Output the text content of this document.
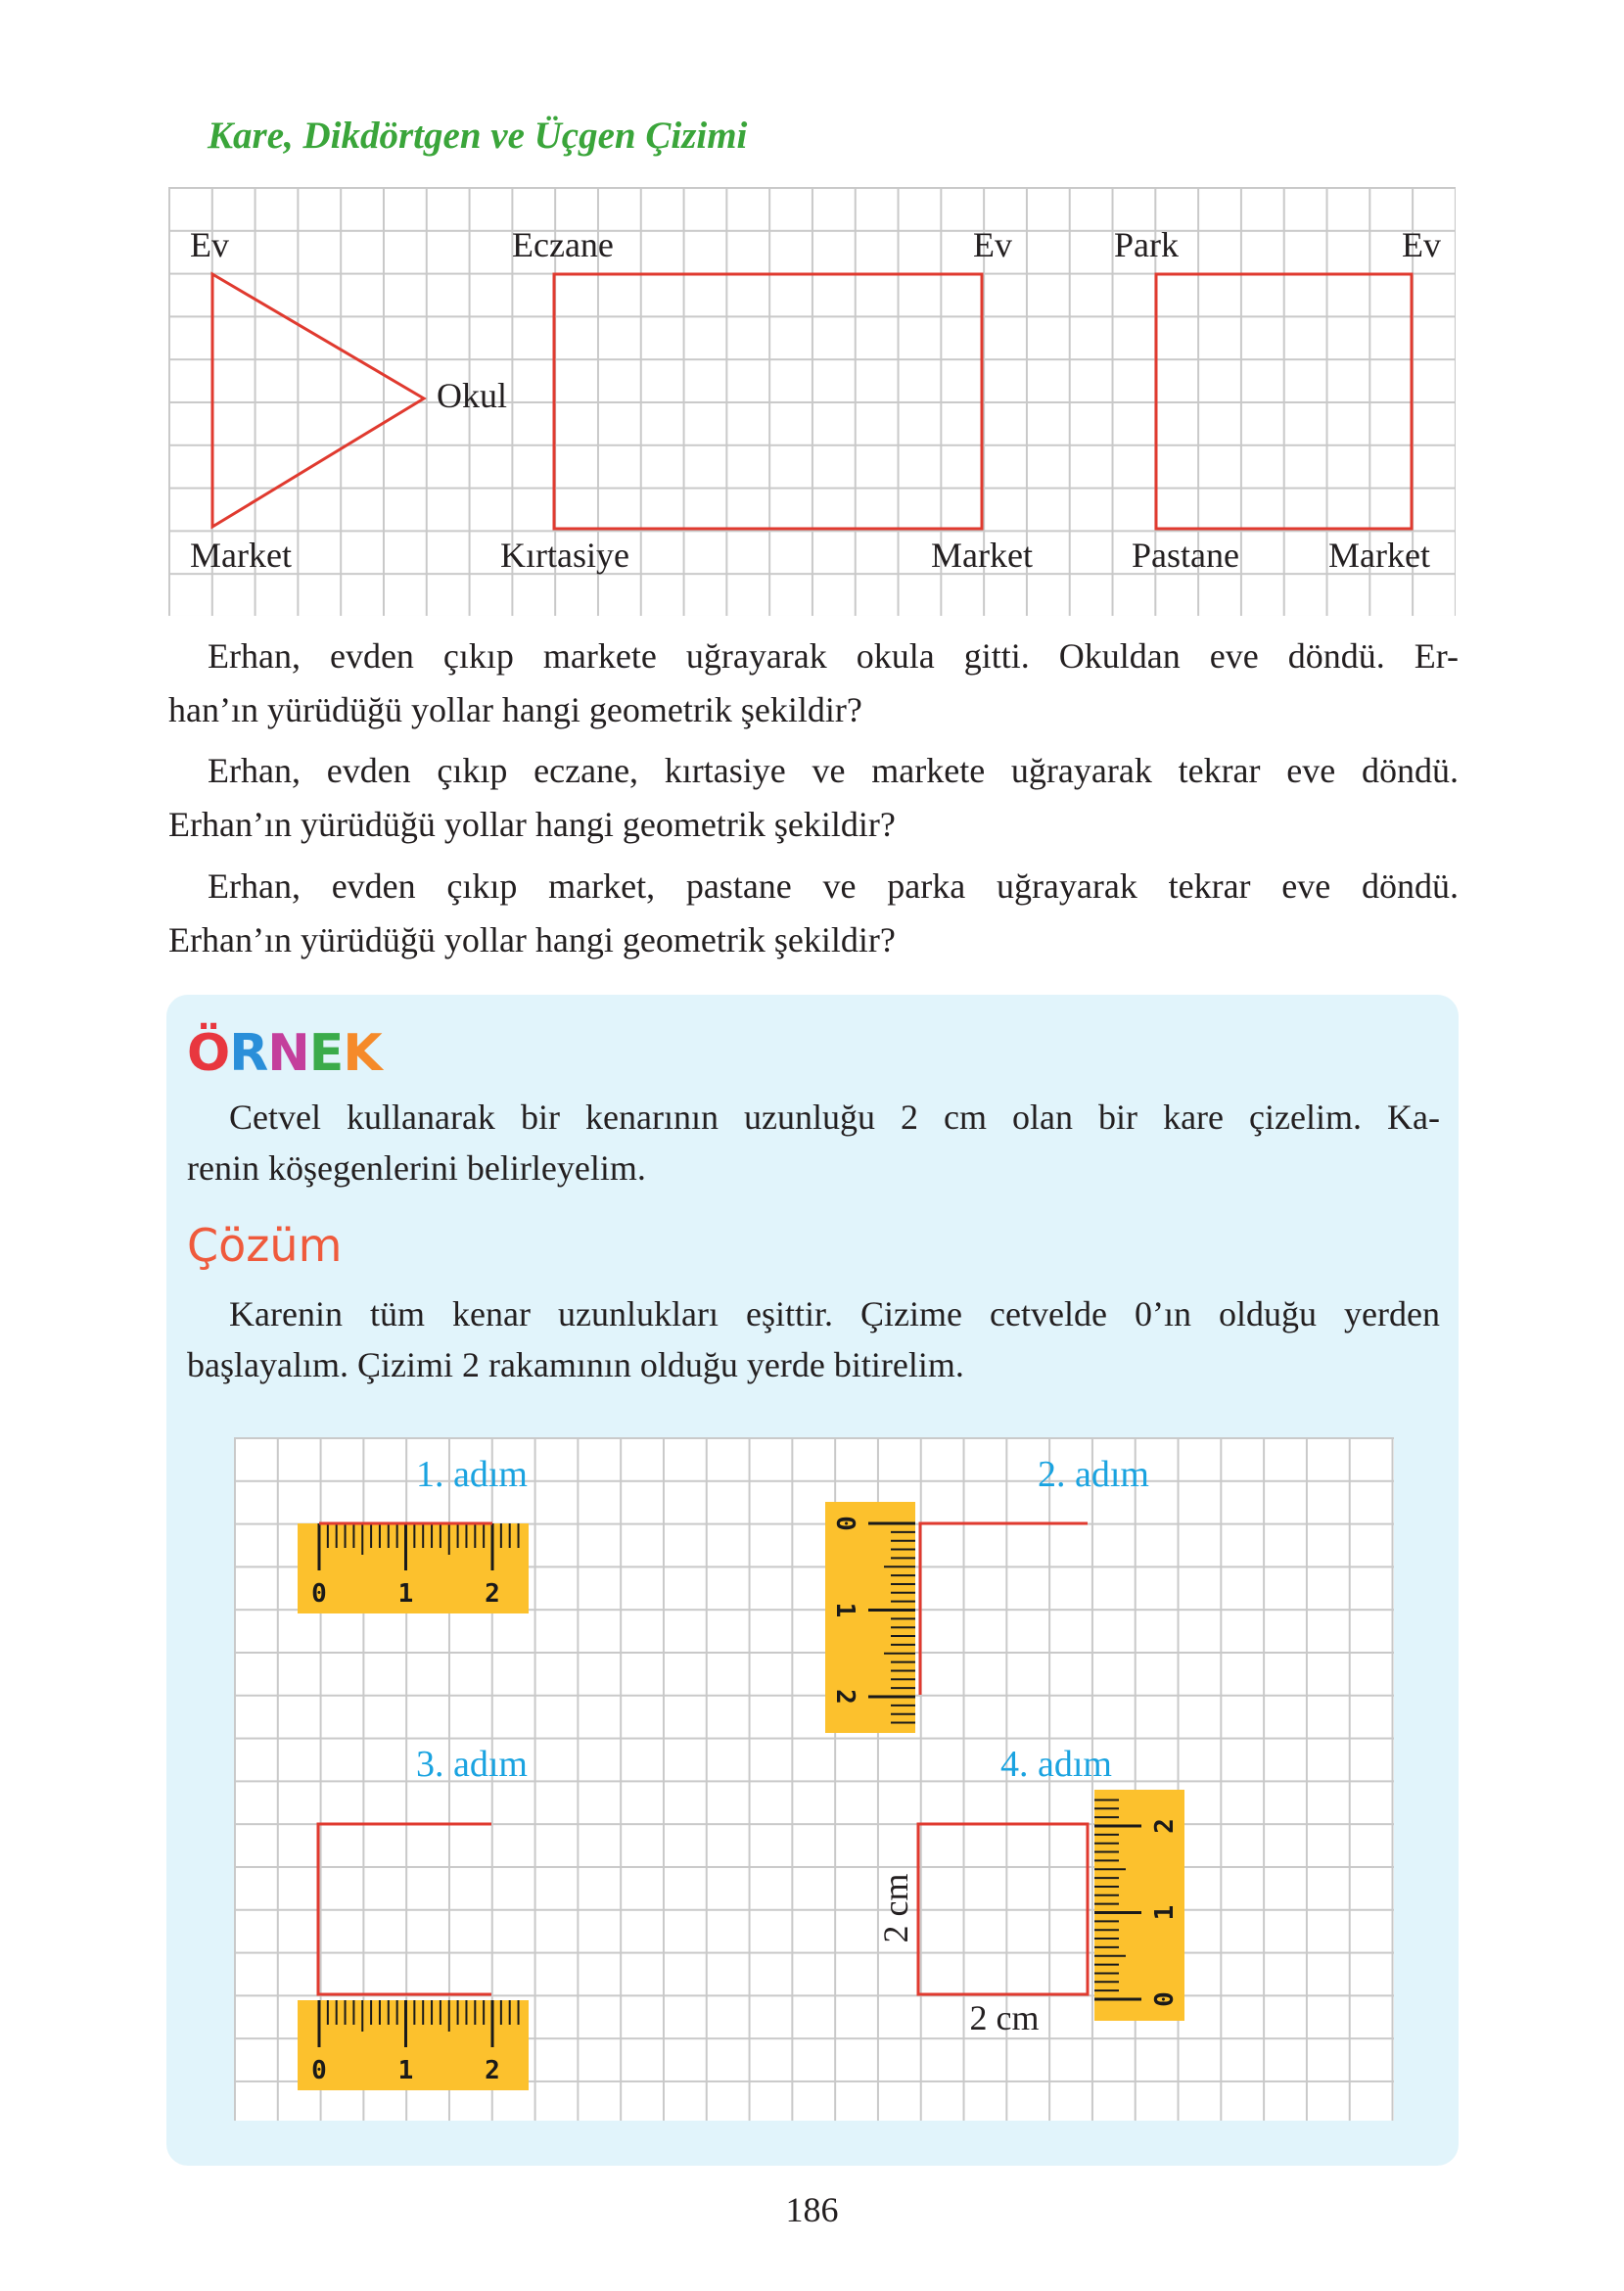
Kare, Dikdörtgen ve Üçgen Çizimi
Ev
Okul
Market
Eczane	Ev
Kırtasiye	Market
Park	Ev
Pastane	Market
Erhan, evden çıkıp markete uğrayarak okula gitti. Okuldan eve döndü. Er-
han’ın yürüdüğü yollar hangi geometrik şekildir?
Erhan, evden çıkıp eczane, kırtasiye ve markete uğrayarak tekrar eve döndü.
Erhan’ın yürüdüğü yollar hangi geometrik şekildir?
Erhan, evden çıkıp market, pastane ve parka uğrayarak tekrar eve döndü.
Erhan’ın yürüdüğü yollar hangi geometrik şekildir?
ÖRNEK
Cetvel kullanarak bir kenarının uzunluğu 2 cm olan bir kare çizelim. Ka-
renin köşegenlerini belirleyelim.
Çözüm
Karenin tüm kenar uzunlukları eşittir. Çizime cetvelde 0’ın olduğu yerden
başlayalım. Çizimi 2 rakamının olduğu yerde bitirelim.
1. adım	2. adım
3. adım	4. adım
0	1	2
0
1
2
0	1	2
0
1
2
2 cm
2 cm
186
